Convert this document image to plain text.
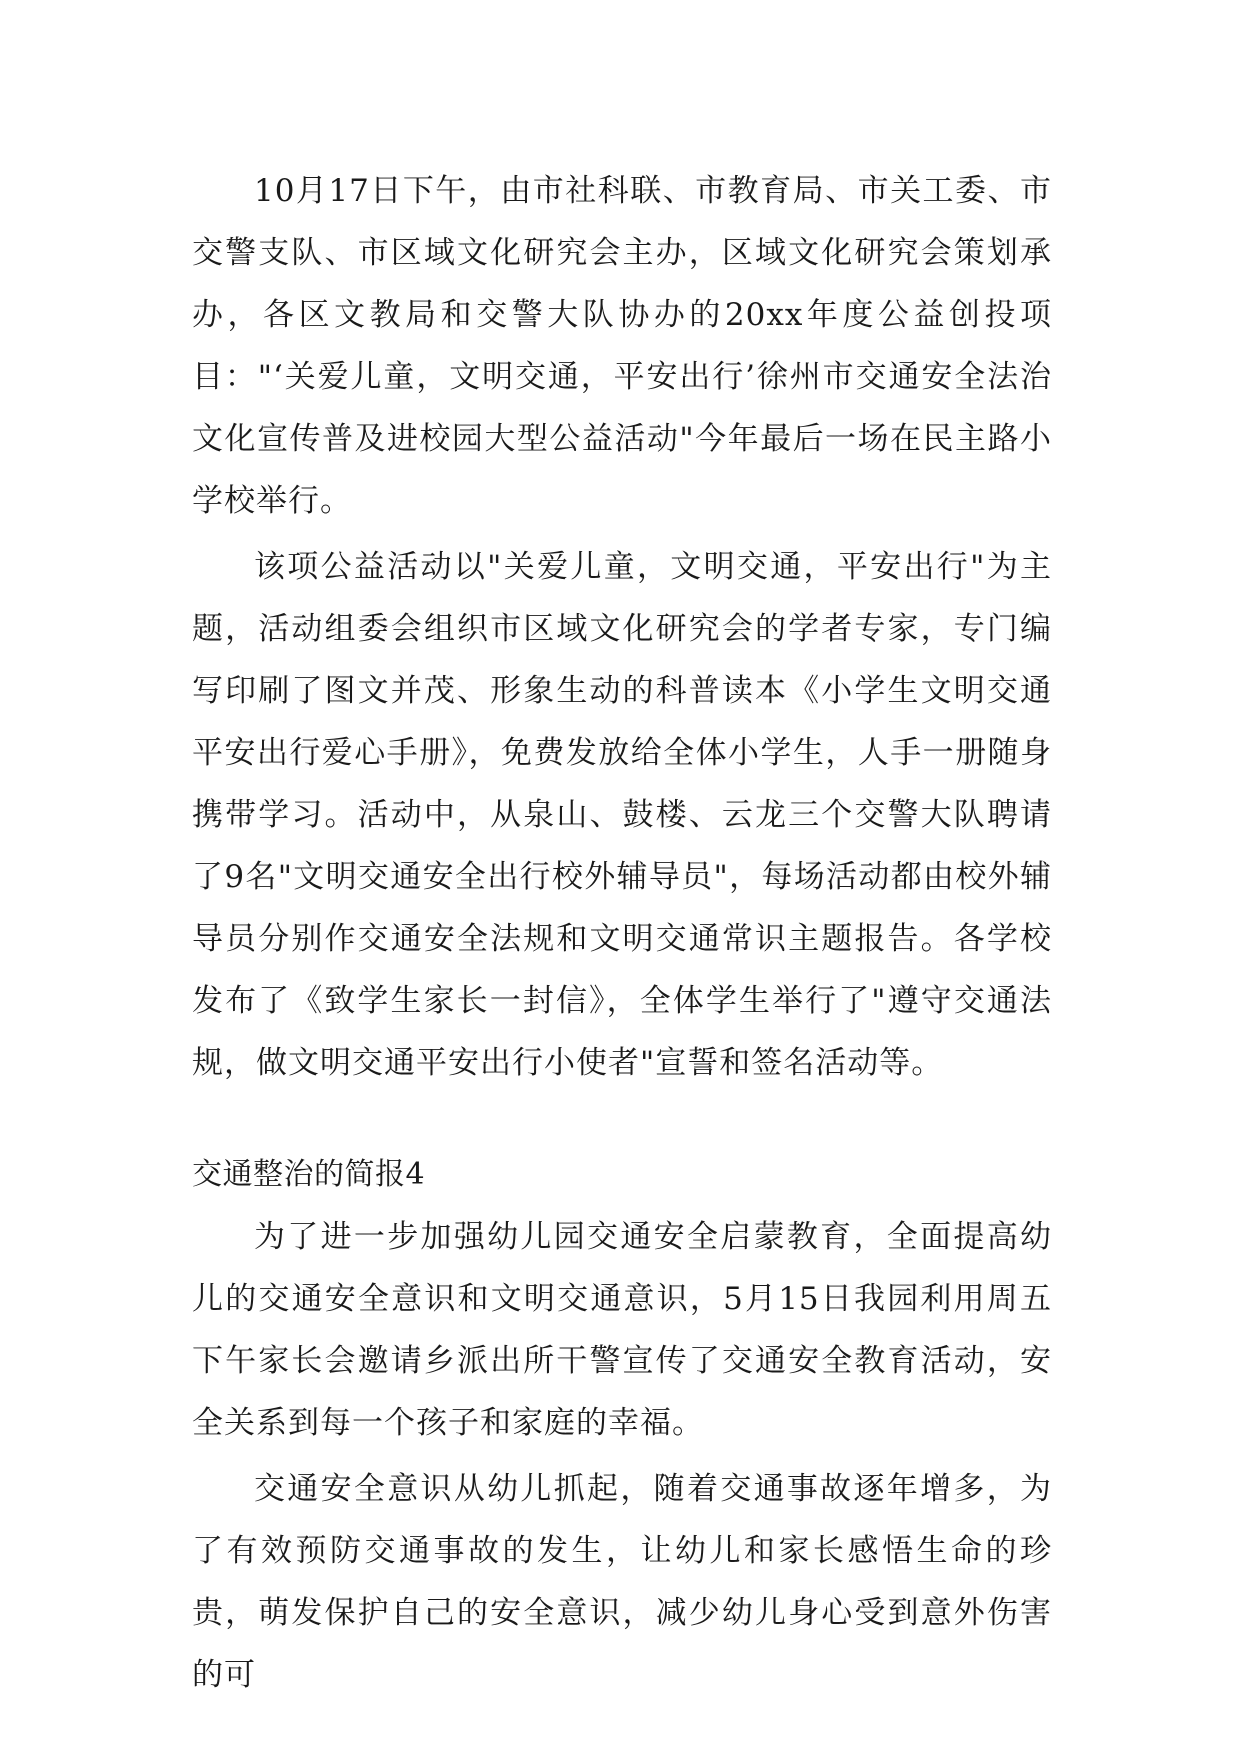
10月17日下午，由市社科联、市教育局、市关工委、市交警支队、市区域文化研究会主办，区域文化研究会策划承办，各区文教局和交警大队协办的20xx年度公益创投项目："‘关爱儿童，文明交通，平安出行’徐州市交通安全法治文化宣传普及进校园大型公益活动"今年最后一场在民主路小学校举行。

该项公益活动以"关爱儿童，文明交通，平安出行"为主题，活动组委会组织市区域文化研究会的学者专家，专门编写印刷了图文并茂、形象生动的科普读本《小学生文明交通平安出行爱心手册》，免费发放给全体小学生，人手一册随身携带学习。活动中，从泉山、鼓楼、云龙三个交警大队聘请了9名"文明交通安全出行校外辅导员"，每场活动都由校外辅导员分别作交通安全法规和文明交通常识主题报告。各学校发布了《致学生家长一封信》，全体学生举行了"遵守交通法规，做文明交通平安出行小使者"宣誓和签名活动等。

交通整治的简报4

为了进一步加强幼儿园交通安全启蒙教育，全面提高幼儿的交通安全意识和文明交通意识，5月15日我园利用周五下午家长会邀请乡派出所干警宣传了交通安全教育活动，安全关系到每一个孩子和家庭的幸福。

交通安全意识从幼儿抓起，随着交通事故逐年增多，为了有效预防交通事故的发生，让幼儿和家长感悟生命的珍贵，萌发保护自己的安全意识，减少幼儿身心受到意外伤害的可
